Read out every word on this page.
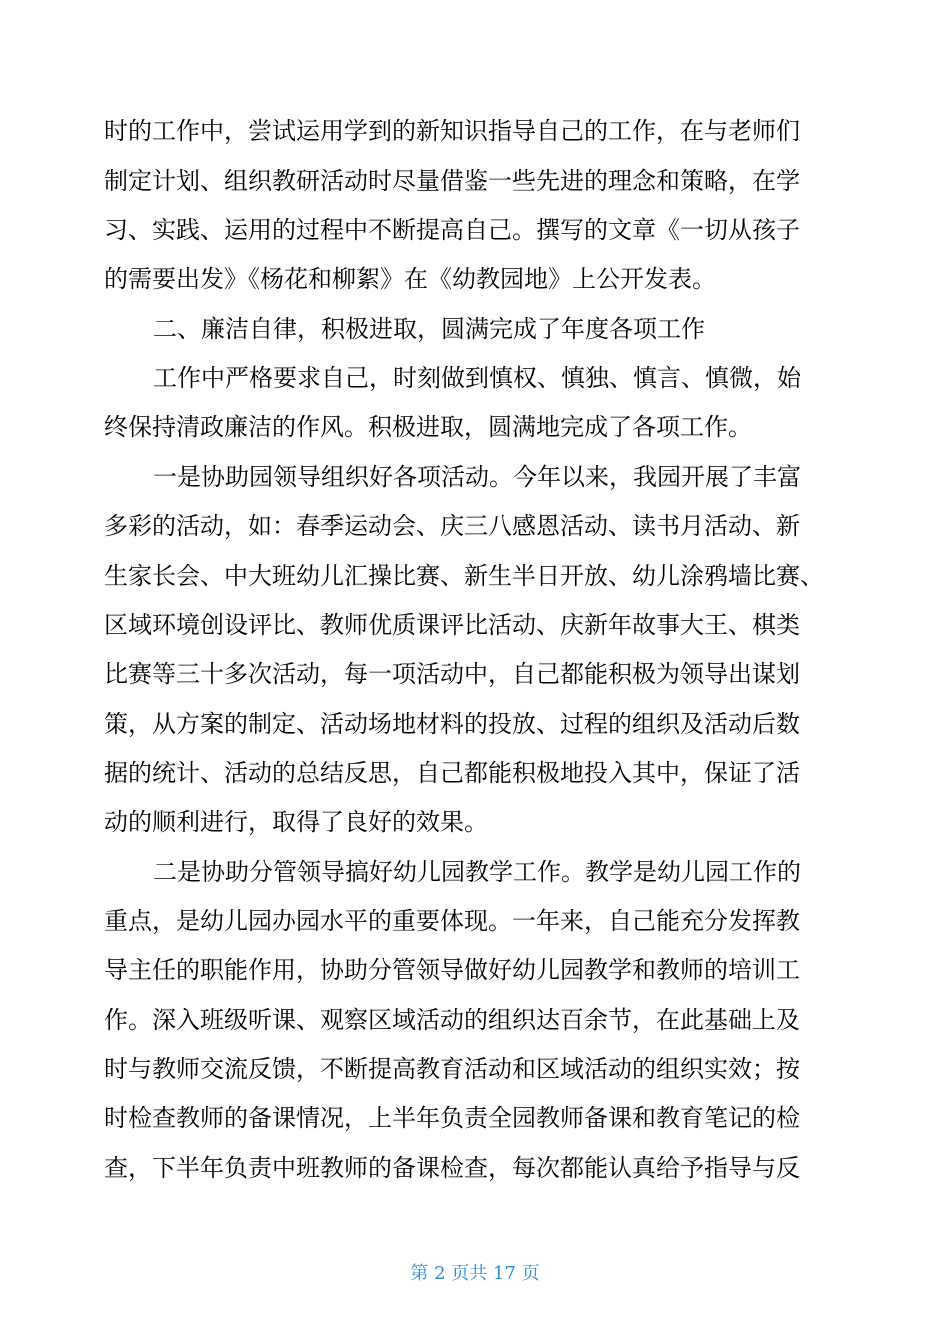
时的工作中，尝试运用学到的新知识指导自己的工作，在与老师们
制定计划、组织教研活动时尽量借鉴一些先进的理念和策略，在学
习、实践、运用的过程中不断提高自己。撰写的文章《一切从孩子
的需要出发》《杨花和柳絮》在《幼教园地》上公开发表。
二、廉洁自律，积极进取，圆满完成了年度各项工作
工作中严格要求自己，时刻做到慎权、慎独、慎言、慎微，始
终保持清政廉洁的作风。积极进取，圆满地完成了各项工作。
一是协助园领导组织好各项活动。今年以来，我园开展了丰富
多彩的活动，如：春季运动会、庆三八感恩活动、读书月活动、新
生家长会、中大班幼儿汇操比赛、新生半日开放、幼儿涂鸦墙比赛、
区域环境创设评比、教师优质课评比活动、庆新年故事大王、棋类
比赛等三十多次活动，每一项活动中，自己都能积极为领导出谋划
策，从方案的制定、活动场地材料的投放、过程的组织及活动后数
据的统计、活动的总结反思，自己都能积极地投入其中，保证了活
动的顺利进行，取得了良好的效果。
二是协助分管领导搞好幼儿园教学工作。教学是幼儿园工作的
重点，是幼儿园办园水平的重要体现。一年来，自己能充分发挥教
导主任的职能作用，协助分管领导做好幼儿园教学和教师的培训工
作。深入班级听课、观察区域活动的组织达百余节，在此基础上及
时与教师交流反馈，不断提高教育活动和区域活动的组织实效；按
时检查教师的备课情况，上半年负责全园教师备课和教育笔记的检
查，下半年负责中班教师的备课检查，每次都能认真给予指导与反
第 2 页共 17 页
